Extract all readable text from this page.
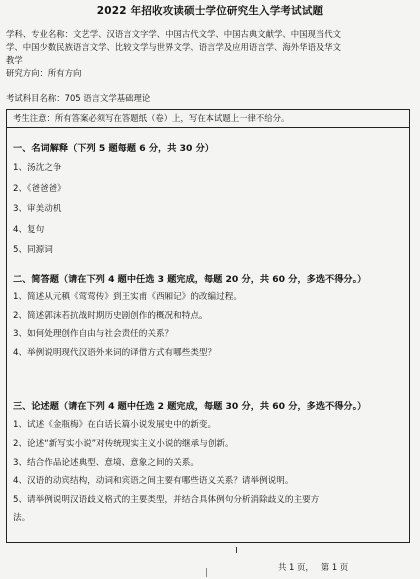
2022 年招收攻读硕士学位研究生入学考试试题
学科、专业名称：文艺学、汉语言文字学、中国古代文学、中国古典文献学、中国现当代文
学、中国少数民族语言文学、比较文学与世界文学、语言学及应用语言学、海外华语及华文
教学
研究方向：所有方向
考试科目名称：705 语言文学基础理论
考生注意：所有答案必须写在答题纸（卷）上，写在本试题上一律不给分。
一、名词解释（下列 5 题每题 6 分，共 30 分）
1、汤沈之争
2、《爸爸爸》
3、审美动机
4、复句
5、同源词
二、简答题（请在下列 4 题中任选 3 题完成，每题 20 分，共 60 分，多选不得分。）
1、简述从元稹《莺莺传》到王实甫《西厢记》的改编过程。
2、简述郭沫若抗战时期历史剧创作的概况和特点。
3、如何处理创作自由与社会责任的关系？
4、举例说明现代汉语外来词的译借方式有哪些类型？
三、论述题（请在下列 4 题中任选 2 题完成，每题 30 分，共 60 分，多选不得分。）
1、试述《金瓶梅》在白话长篇小说发展史中的新变。
2、论述“新写实小说”对传统现实主义小说的继承与创新。
3、结合作品论述典型、意境、意象之间的关系。
4、汉语的动宾结构，动词和宾语之间主要有哪些语义关系？请举例说明。
5、请举例说明汉语歧义格式的主要类型，并结合具体例句分析消除歧义的主要方
法。
共 1 页， 第 1 页
